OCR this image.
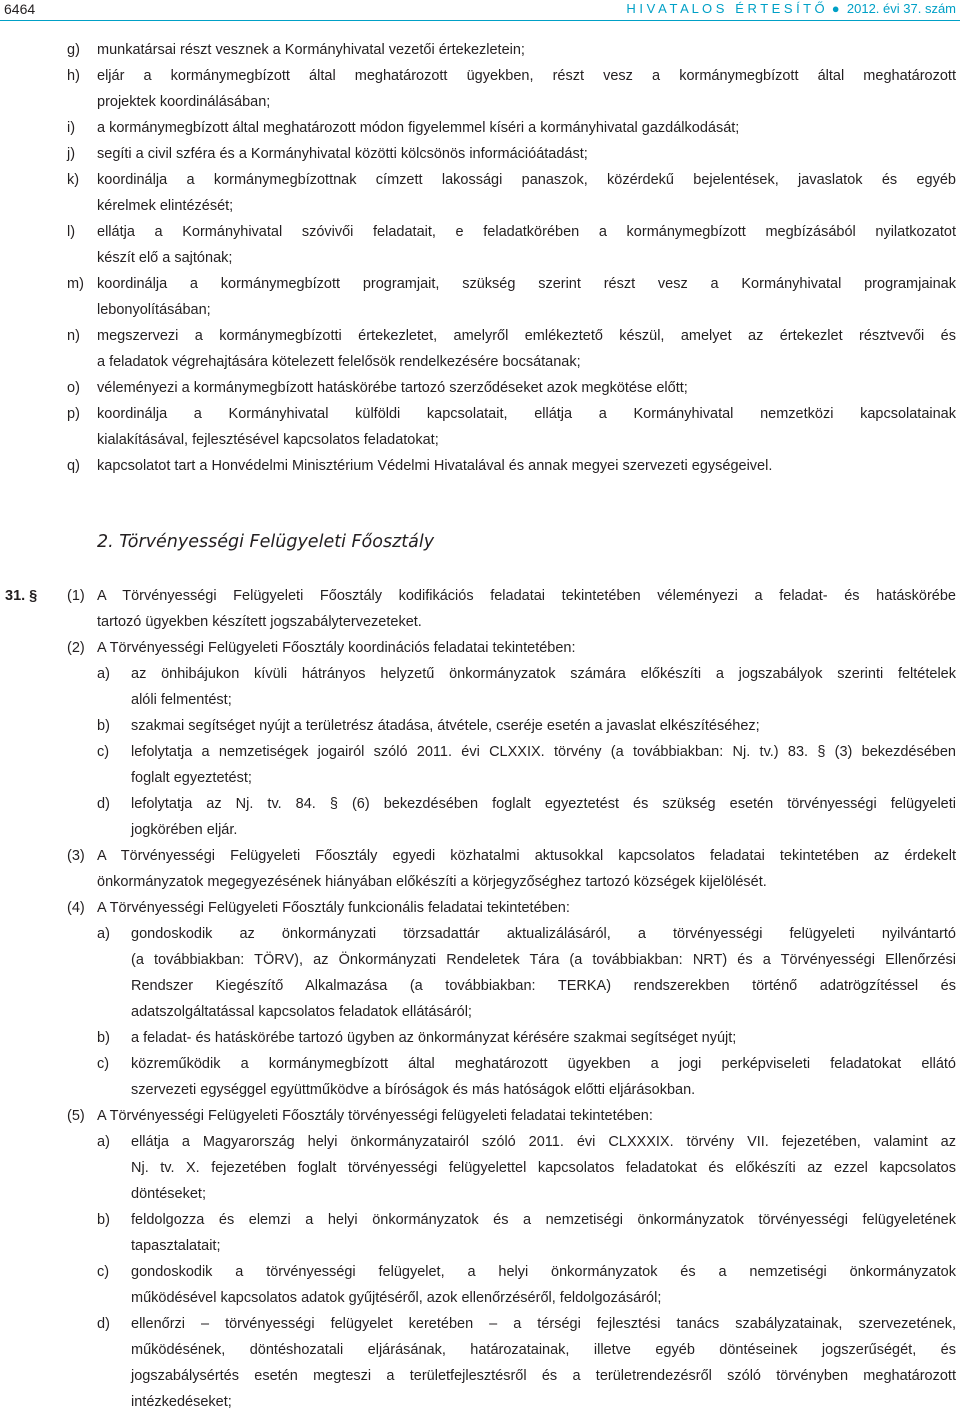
6464	H I V A T A L O S   É R T E S Í T Ő  ●  2012. évi 37. szám
g) munkatársai részt vesznek a Kormányhivatal vezetői értekezletein;
h) eljár a kormánymegbízott által meghatározott ügyekben, részt vesz a kormánymegbízott által meghatározott
projektek koordinálásában;
i) a kormánymegbízott által meghatározott módon figyelemmel kíséri a kormányhivatal gazdálkodását;
j) segíti a civil szféra és a Kormányhivatal közötti kölcsönös információátadást;
k) koordinálja a kormánymegbízottnak címzett lakossági panaszok, közérdekű bejelentések, javaslatok és egyéb
kérelmek elintézését;
l) ellátja a Kormányhivatal szóvivői feladatait, e feladatkörében a kormánymegbízott megbízásából nyilatkozatot
készít elő a sajtónak;
m) koordinálja a kormánymegbízott programjait, szükség szerint részt vesz a Kormányhivatal programjainak
lebonyolításában;
n) megszervezi a kormánymegbízotti értekezletet, amelyről emlékeztető készül, amelyet az értekezlet résztvevői és
a feladatok végrehajtására kötelezett felelősök rendelkezésére bocsátanak;
o) véleményezi a kormánymegbízott hatáskörébe tartozó szerződéseket azok megkötése előtt;
p) koordinálja a Kormányhivatal külföldi kapcsolatait, ellátja a Kormányhivatal nemzetközi kapcsolatainak
kialakításával, fejlesztésével kapcsolatos feladatokat;
q) kapcsolatot tart a Honvédelmi Minisztérium Védelmi Hivatalával és annak megyei szervezeti egységeivel.
2. Törvényességi Felügyeleti Főosztály
31. § (1) A Törvényességi Felügyeleti Főosztály kodifikációs feladatai tekintetében véleményezi a feladat- és hatáskörébe
tartozó ügyekben készített jogszabálytervezeteket.
(2) A Törvényességi Felügyeleti Főosztály koordinációs feladatai tekintetében:
a) az önhibájukon kívüli hátrányos helyzetű önkormányzatok számára előkészíti a jogszabályok szerinti feltételek
alóli felmentést;
b) szakmai segítséget nyújt a területrész átadása, átvétele, cseréje esetén a javaslat elkészítéséhez;
c) lefolytatja a nemzetiségek jogairól szóló 2011. évi CLXXIX. törvény (a továbbiakban: Nj. tv.) 83. § (3) bekezdésében
foglalt egyeztetést;
d) lefolytatja az Nj. tv. 84. § (6) bekezdésében foglalt egyeztetést és szükség esetén törvényességi felügyeleti
jogkörében eljár.
(3) A Törvényességi Felügyeleti Főosztály egyedi közhatalmi aktusokkal kapcsolatos feladatai tekintetében az érdekelt
önkormányzatok megegyezésének hiányában előkészíti a körjegyzőséghez tartozó községek kijelölését.
(4) A Törvényességi Felügyeleti Főosztály funkcionális feladatai tekintetében:
a) gondoskodik az önkormányzati törzsadattár aktualizálásáról, a törvényességi felügyeleti nyilvántartó
(a továbbiakban: TÖRV), az Önkormányzati Rendeletek Tára (a továbbiakban: NRT) és a Törvényességi Ellenőrzési
Rendszer Kiegészítő Alkalmazása (a továbbiakban: TERKA) rendszerekben történő adatrögzítéssel és
adatszolgáltatással kapcsolatos feladatok ellátásáról;
b) a feladat- és hatáskörébe tartozó ügyben az önkormányzat kérésére szakmai segítséget nyújt;
c) közreműködik a kormánymegbízott által meghatározott ügyekben a jogi perképviseleti feladatokat ellátó
szervezeti egységgel együttműködve a bíróságok és más hatóságok előtti eljárásokban.
(5) A Törvényességi Felügyeleti Főosztály törvényességi felügyeleti feladatai tekintetében:
a) ellátja a Magyarország helyi önkormányzatairól szóló 2011. évi CLXXXIX. törvény VII. fejezetében, valamint az
Nj. tv. X. fejezetében foglalt törvényességi felügyelettel kapcsolatos feladatokat és előkészíti az ezzel kapcsolatos
döntéseket;
b) feldolgozza és elemzi a helyi önkormányzatok és a nemzetiségi önkormányzatok törvényességi felügyeletének
tapasztalatait;
c) gondoskodik a törvényességi felügyelet, a helyi önkormányzatok és a nemzetiségi önkormányzatok
működésével kapcsolatos adatok gyűjtéséről, azok ellenőrzéséről, feldolgozásáról;
d) ellenőrzi – törvényességi felügyelet keretében – a térségi fejlesztési tanács szabályzatainak, szervezetének,
működésének, döntéshozatali eljárásának, határozatainak, illetve egyéb döntéseinek jogszerűségét, és
jogszabálysértés esetén megteszi a területfejlesztésről és a területrendezésről szóló törvényben meghatározott
intézkedéseket;
